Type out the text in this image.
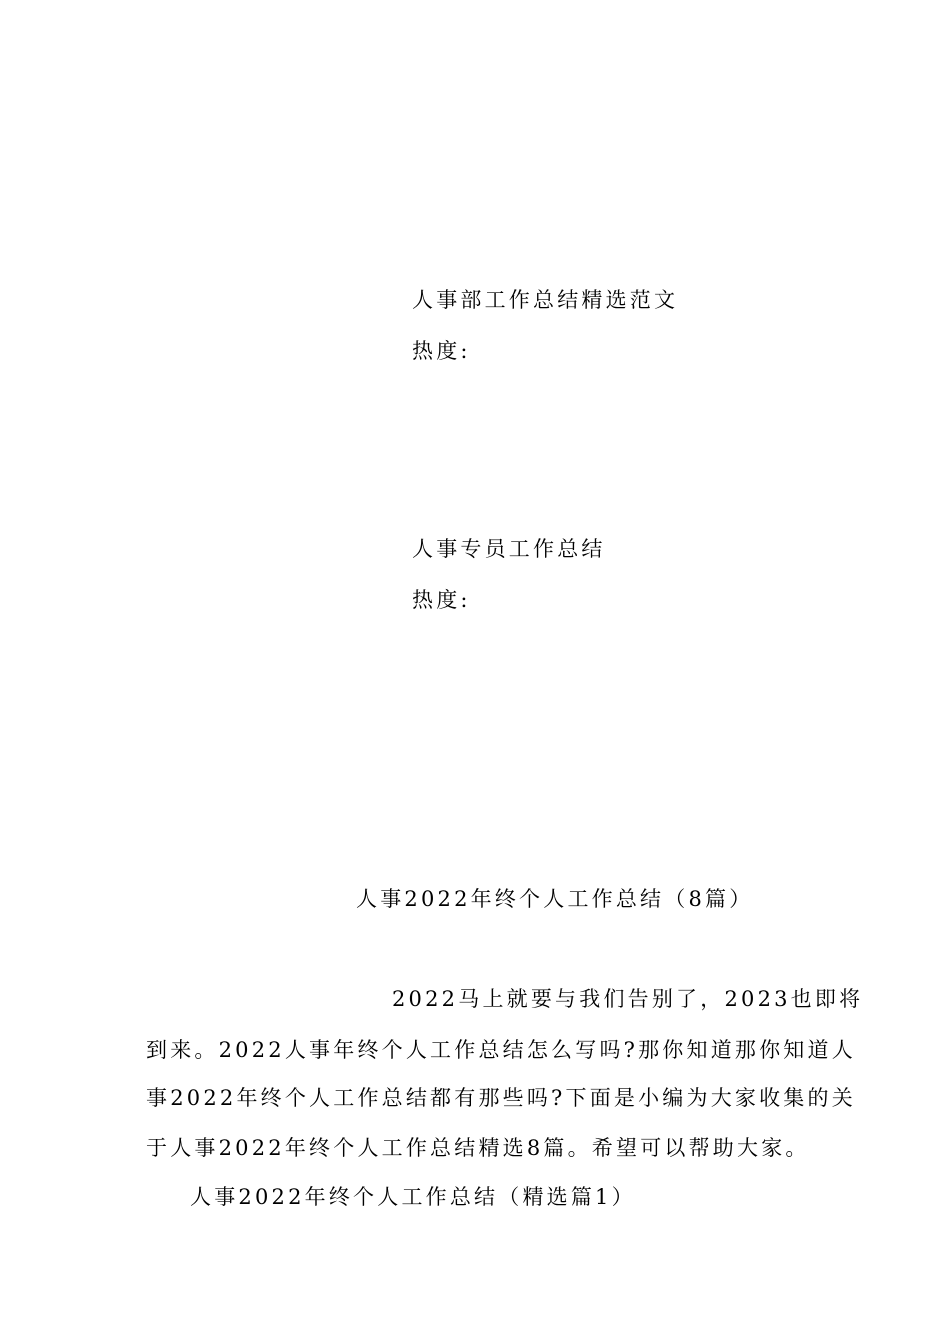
人事部工作总结精选范文
热度:
人事专员工作总结
热度:
人事2022年终个人工作总结（8篇）
2022马上就要与我们告别了，2023也即将
到来。2022人事年终个人工作总结怎么写吗?那你知道那你知道人
事2022年终个人工作总结都有那些吗?下面是小编为大家收集的关
于人事2022年终个人工作总结精选8篇。希望可以帮助大家。
人事2022年终个人工作总结（精选篇1）
